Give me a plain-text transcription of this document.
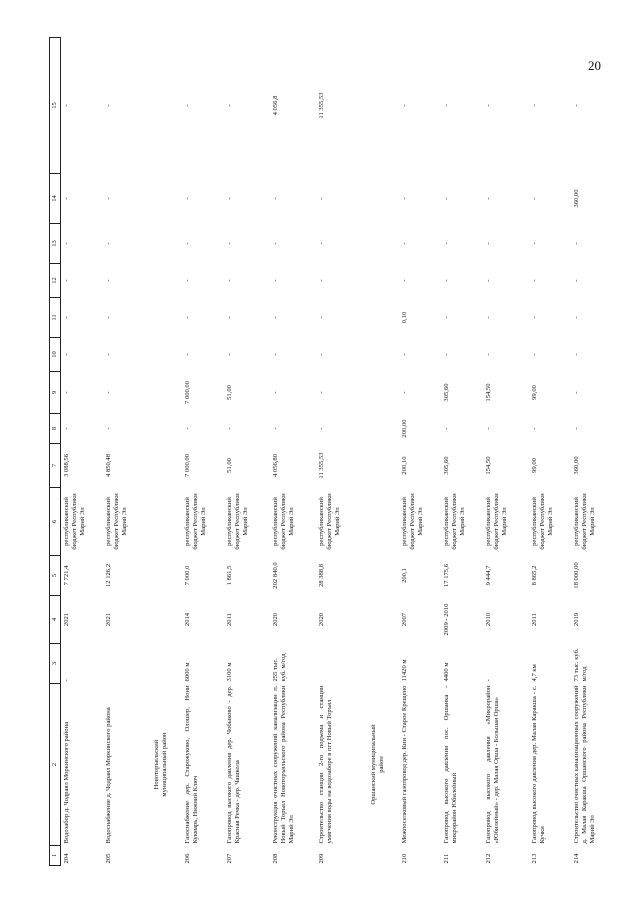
20
1	2	3	4	5	6	7	8	9	10	11	12	13	14	15
204	Водозабор д. Чодраял Моркинского района	-	2021	7 721,4	республиканский бюджет Республики Марий Эл	3 088,56	-	-	-	-	-	-	-	-
205	Водоснабжение д. Чодраял Моркинского района		2021	12 126,2	республиканский бюджет Республики Марий Эл	4 850,48	-	-	-	-	-	-	-	-
	Новоторъяльский муниципальный район													
206	Газоснабжение дер. Старожуково, Олошер, Нони Кукмарь, Нижний Ключ	6000 м	2014	7 000,0	республиканский бюджет Республики Марий Эл	7 000,00	-	7 000,00	-	-	-	-	-	-
207	Газопровод высокого давления дер. Чобыково - дер. Красная Речка - дер. Чашкола	3100 м	2011	1 861,5	республиканский бюджет Республики Марий Эл	51,00	-	51,00	-	-	-	-	-	-
208	Реконструкция очистных сооружений канализации п. Новый Торъял Новоторъяльского района Республики Марий Эл	255 тыс. куб. м/год	2020	202 840,0	республиканский бюджет Республики Марий Эл	4 056,80	-	-	-	-	-	-	-	4 056,8
209	Строительство станции 2-го подъема и станции умягчения воды на водозаборе в пгт Новый Торъял		2020	28 388,8	республиканский бюджет Республики Марий Эл	11 355,53	-	-	-	-	-	-	-	11 355,53
	Оршанский муниципальный район													
210	Межпоселковый газопровод дер. Кии - Старое Крещено	11420 м	2007	200,1	республиканский бюджет Республики Марий Эл	200,10	200,00	-	-	0,10	-	-	-	-
211	Газопровод высокого давления пос. Оршанка - микрорайон Юбилейный	4400 м	2009 - 2010	17 175,6	республиканский бюджет Республики Марий Эл	305,60	-	305,60	-	-	-	-	-	-
212	Газопровод высокого давления «Микрорайон «Юбилейный» - дер. Малая Орша - Большая Орша»	-	2010	9 444,7	республиканский бюджет Республики Марий Эл	154,50	-	154,50	-	-	-	-	-	-
213	Газопровод высокого давления дер. Малая Каракша - с. Кучки	4,7 км	2011	8 865,2	республиканский бюджет Республики Марий Эл	99,00	-	99,00	-	-	-	-	-	-
214	Строительство очистных канализационных сооружений д. Малая Каракша Оршанского района Республики Марий Эл	73 тыс. куб. м/год	2019	18 000,00	республиканский бюджет Республики Марий Эл	360,00	-	-	-	-	-	-	360,00	-
